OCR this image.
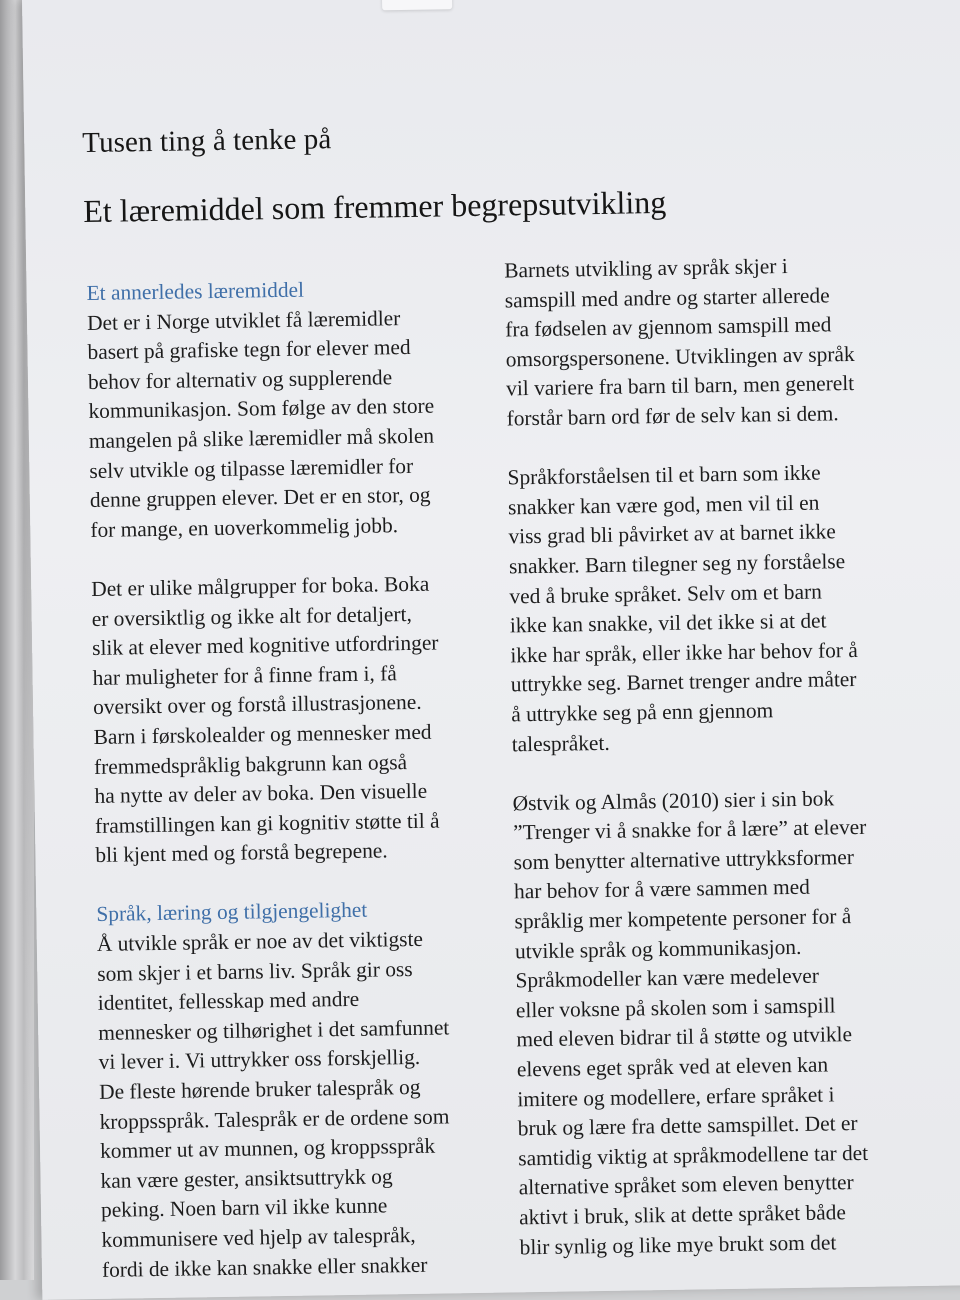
Tusen ting å tenke på
Et læremiddel som fremmer begrepsutvikling
Et annerledes læremiddel
Det er i Norge utviklet få læremidler
basert på grafiske tegn for elever med
behov for alternativ og supplerende
kommunikasjon. Som følge av den store
mangelen på slike læremidler må skolen
selv utvikle og tilpasse læremidler for
denne gruppen elever. Det er en stor, og
for mange, en uoverkommelig jobb.
Det er ulike målgrupper for boka. Boka
er oversiktlig og ikke alt for detaljert,
slik at elever med kognitive utfordringer
har muligheter for å finne fram i, få
oversikt over og forstå illustrasjonene.
Barn i førskolealder og mennesker med
fremmedspråklig bakgrunn kan også
ha nytte av deler av boka. Den visuelle
framstillingen kan gi kognitiv støtte til å
bli kjent med og forstå begrepene.
Språk, læring og tilgjengelighet
Å utvikle språk er noe av det viktigste
som skjer i et barns liv. Språk gir oss
identitet, fellesskap med andre
mennesker og tilhørighet i det samfunnet
vi lever i. Vi uttrykker oss forskjellig.
De fleste hørende bruker talespråk og
kroppsspråk. Talespråk er de ordene som
kommer ut av munnen, og kroppsspråk
kan være gester, ansiktsuttrykk og
peking. Noen barn vil ikke kunne
kommunisere ved hjelp av talespråk,
fordi de ikke kan snakke eller snakker
Barnets utvikling av språk skjer i
samspill med andre og starter allerede
fra fødselen av gjennom samspill med
omsorgspersonene. Utviklingen av språk
vil variere fra barn til barn, men generelt
forstår barn ord før de selv kan si dem.
Språkforståelsen til et barn som ikke
snakker kan være god, men vil til en
viss grad bli påvirket av at barnet ikke
snakker. Barn tilegner seg ny forståelse
ved å bruke språket. Selv om et barn
ikke kan snakke, vil det ikke si at det
ikke har språk, eller ikke har behov for å
uttrykke seg. Barnet trenger andre måter
å uttrykke seg på enn gjennom
talespråket.
Østvik og Almås (2010) sier i sin bok
”Trenger vi å snakke for å lære” at elever
som benytter alternative uttrykksformer
har behov for å være sammen med
språklig mer kompetente personer for å
utvikle språk og kommunikasjon.
Språkmodeller kan være medelever
eller voksne på skolen som i samspill
med eleven bidrar til å støtte og utvikle
elevens eget språk ved at eleven kan
imitere og modellere, erfare språket i
bruk og lære fra dette samspillet. Det er
samtidig viktig at språkmodellene tar det
alternative språket som eleven benytter
aktivt i bruk, slik at dette språket både
blir synlig og like mye brukt som det
